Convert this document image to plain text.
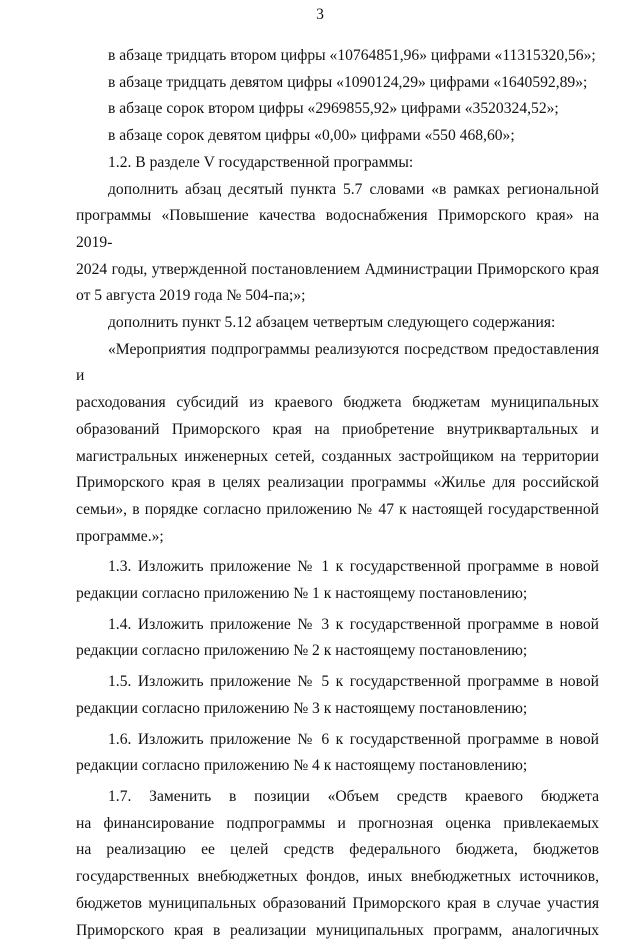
3

в абзаце тридцать втором цифры «10764851,96» цифрами «11315320,56»;

в абзаце тридцать девятом цифры «1090124,29» цифрами «1640592,89»;

в абзаце сорок втором цифры «2969855,92» цифрами «3520324,52»;

в абзаце сорок девятом цифры «0,00» цифрами «550 468,60»;

1.2. В разделе V государственной программы:

дополнить абзац десятый пункта 5.7 словами «в рамках региональной
программы «Повышение качества водоснабжения Приморского края» на 2019-
2024 годы, утвержденной постановлением Администрации Приморского края
от 5 августа 2019 года № 504-па;»;

дополнить пункт 5.12 абзацем четвертым следующего содержания:

«Мероприятия подпрограммы реализуются посредством предоставления и
расходования субсидий из краевого бюджета бюджетам муниципальных
образований Приморского края на приобретение внутриквартальных и
магистральных инженерных сетей, созданных застройщиком на территории
Приморского края в целях реализации программы «Жилье для российской
семьи», в порядке согласно приложению № 47 к настоящей государственной
программе.»;
1.3. Изложить приложение № 1 к государственной программе в новой
редакции согласно приложению № 1 к настоящему постановлению;
1.4. Изложить приложение № 3 к государственной программе в новой
редакции согласно приложению № 2 к настоящему постановлению;
1.5. Изложить приложение № 5 к государственной программе в новой
редакции согласно приложению № 3 к настоящему постановлению;
1.6. Изложить приложение № 6 к государственной программе в новой
редакции согласно приложению № 4 к настоящему постановлению;
1.7. Заменить в позиции «Объем средств краевого бюджета
на финансирование подпрограммы и прогнозная оценка привлекаемых
на реализацию ее целей средств федерального бюджета, бюджетов
государственных внебюджетных фондов, иных внебюджетных источников,
бюджетов муниципальных образований Приморского края в случае участия
Приморского края в реализации муниципальных программ, аналогичных
